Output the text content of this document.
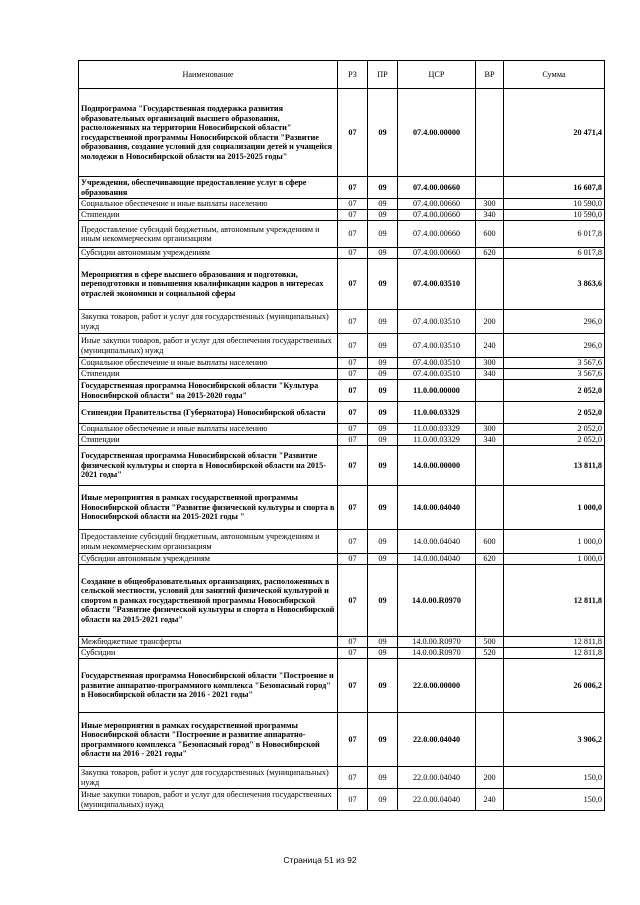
Наименование	РЗ	ПР	ЦСР	ВР	Сумма
Подпрограмма "Государственная поддержка развития образовательных организаций высшего образования, расположенных на территории Новосибирской области" государственной программы Новосибирской области "Развитие образования, создание условий для социализации детей и учащейся молодежи в Новосибирской области на 2015-2025 годы"	07	09	07.4.00.00000		20 471,4
Учреждения, обеспечивающие предоставление услуг в сфере образования	07	09	07.4.00.00660		16 607,8
Социальное обеспечение и иные выплаты населению	07	09	07.4.00.00660	300	10 590,0
Стипендии	07	09	07.4.00.00660	340	10 590,0
Предоставление субсидий бюджетным, автономным учреждениям и иным некоммерческим организациям	07	09	07.4.00.00660	600	6 017,8
Субсидии автономным учреждениям	07	09	07.4.00.00660	620	6 017,8
Мероприятия в сфере высшего образования и подготовки, переподготовки и повышения квалификации кадров в интересах отраслей экономики и социальной сферы	07	09	07.4.00.03510		3 863,6
Закупка товаров, работ и услуг для государственных (муниципальных) нужд	07	09	07.4.00.03510	200	296,0
Иные закупки товаров, работ и услуг для обеспечения государственных (муниципальных) нужд	07	09	07.4.00.03510	240	296,0
Социальное обеспечение и иные выплаты населению	07	09	07.4.00.03510	300	3 567,6
Стипендии	07	09	07.4.00.03510	340	3 567,6
Государственная программа Новосибирской области "Культура Новосибирской области" на 2015-2020 годы"	07	09	11.0.00.00000		2 052,0
Стипендии Правительства (Губернатора) Новосибирской области	07	09	11.0.00.03329		2 052,0
Социальное обеспечение и иные выплаты населению	07	09	11.0.00.03329	300	2 052,0
Стипендии	07	09	11.0.00.03329	340	2 052,0
Государственная программа Новосибирской области "Развитие физической культуры и спорта в Новосибирской области на 2015-2021 годы"	07	09	14.0.00.00000		13 811,8
Иные мероприятия в рамках государственной программы Новосибирской области "Развитие физической культуры и спорта в Новосибирской области на 2015-2021 годы "	07	09	14.0.00.04040		1 000,0
Предоставление субсидий бюджетным, автономным учреждениям и иным некоммерческим организациям	07	09	14.0.00.04040	600	1 000,0
Субсидии автономным учреждениям	07	09	14.0.00.04040	620	1 000,0
Создание в общеобразовательных организациях, расположенных в сельской местности, условий для занятий физической культурой и спортом в рамках государственной программы Новосибирской области "Развитие физической культуры и спорта в Новосибирской области на 2015-2021 годы"	07	09	14.0.00.R0970		12 811,8
Межбюджетные трансферты	07	09	14.0.00.R0970	500	12 811,8
Субсидии	07	09	14.0.00.R0970	520	12 811,8
Государственная программа Новосибирской области "Построение и развитие аппаратно-программного комплекса "Безопасный город" в Новосибирской области на 2016 - 2021 годы"	07	09	22.0.00.00000		26 006,2
Иные мероприятия в рамках государственной программы Новосибирской области "Построение и развитие аппаратно-программного комплекса "Безопасный город" в Новосибирской области на 2016 - 2021 годы"	07	09	22.0.00.04040		3 906,2
Закупка товаров, работ и услуг для государственных (муниципальных) нужд	07	09	22.0.00.04040	200	150,0
Иные закупки товаров, работ и услуг для обеспечения государственных (муниципальных) нужд	07	09	22.0.00.04040	240	150,0
Страница 51 из 92
